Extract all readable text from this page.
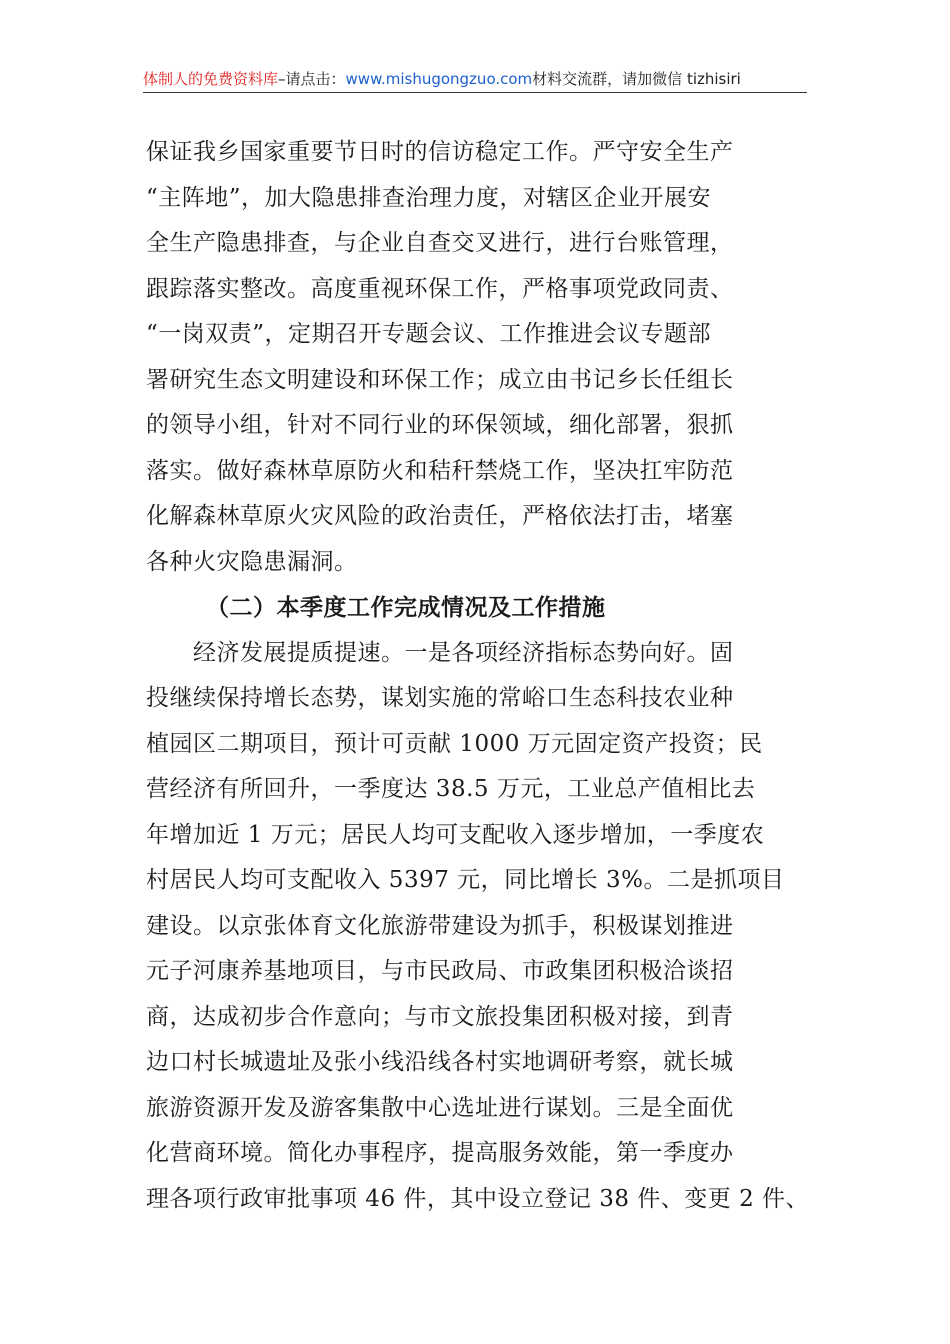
体制人的免费资料库–请点击：www.mishugongzuo.com材料交流群，请加微信 tizhisiri
保证我乡国家重要节日时的信访稳定工作。严守安全生产
“主阵地”，加大隐患排查治理力度，对辖区企业开展安
全生产隐患排查，与企业自查交叉进行，进行台账管理，
跟踪落实整改。高度重视环保工作，严格事项党政同责、
“一岗双责”，定期召开专题会议、工作推进会议专题部
署研究生态文明建设和环保工作；成立由书记乡长任组长
的领导小组，针对不同行业的环保领域，细化部署，狠抓
落实。做好森林草原防火和秸秆禁烧工作，坚决扛牢防范
化解森林草原火灾风险的政治责任，严格依法打击，堵塞
各种火灾隐患漏洞。
（二）本季度工作完成情况及工作措施
　　经济发展提质提速。一是各项经济指标态势向好。固
投继续保持增长态势，谋划实施的常峪口生态科技农业种
植园区二期项目，预计可贡献 1000 万元固定资产投资；民
营经济有所回升，一季度达 38.5 万元，工业总产值相比去
年增加近 1 万元；居民人均可支配收入逐步增加，一季度农
村居民人均可支配收入 5397 元，同比增长 3%。二是抓项目
建设。以京张体育文化旅游带建设为抓手，积极谋划推进
元子河康养基地项目，与市民政局、市政集团积极洽谈招
商，达成初步合作意向；与市文旅投集团积极对接，到青
边口村长城遗址及张小线沿线各村实地调研考察，就长城
旅游资源开发及游客集散中心选址进行谋划。三是全面优
化营商环境。简化办事程序，提高服务效能，第一季度办
理各项行政审批事项 46 件，其中设立登记 38 件、变更 2 件、
